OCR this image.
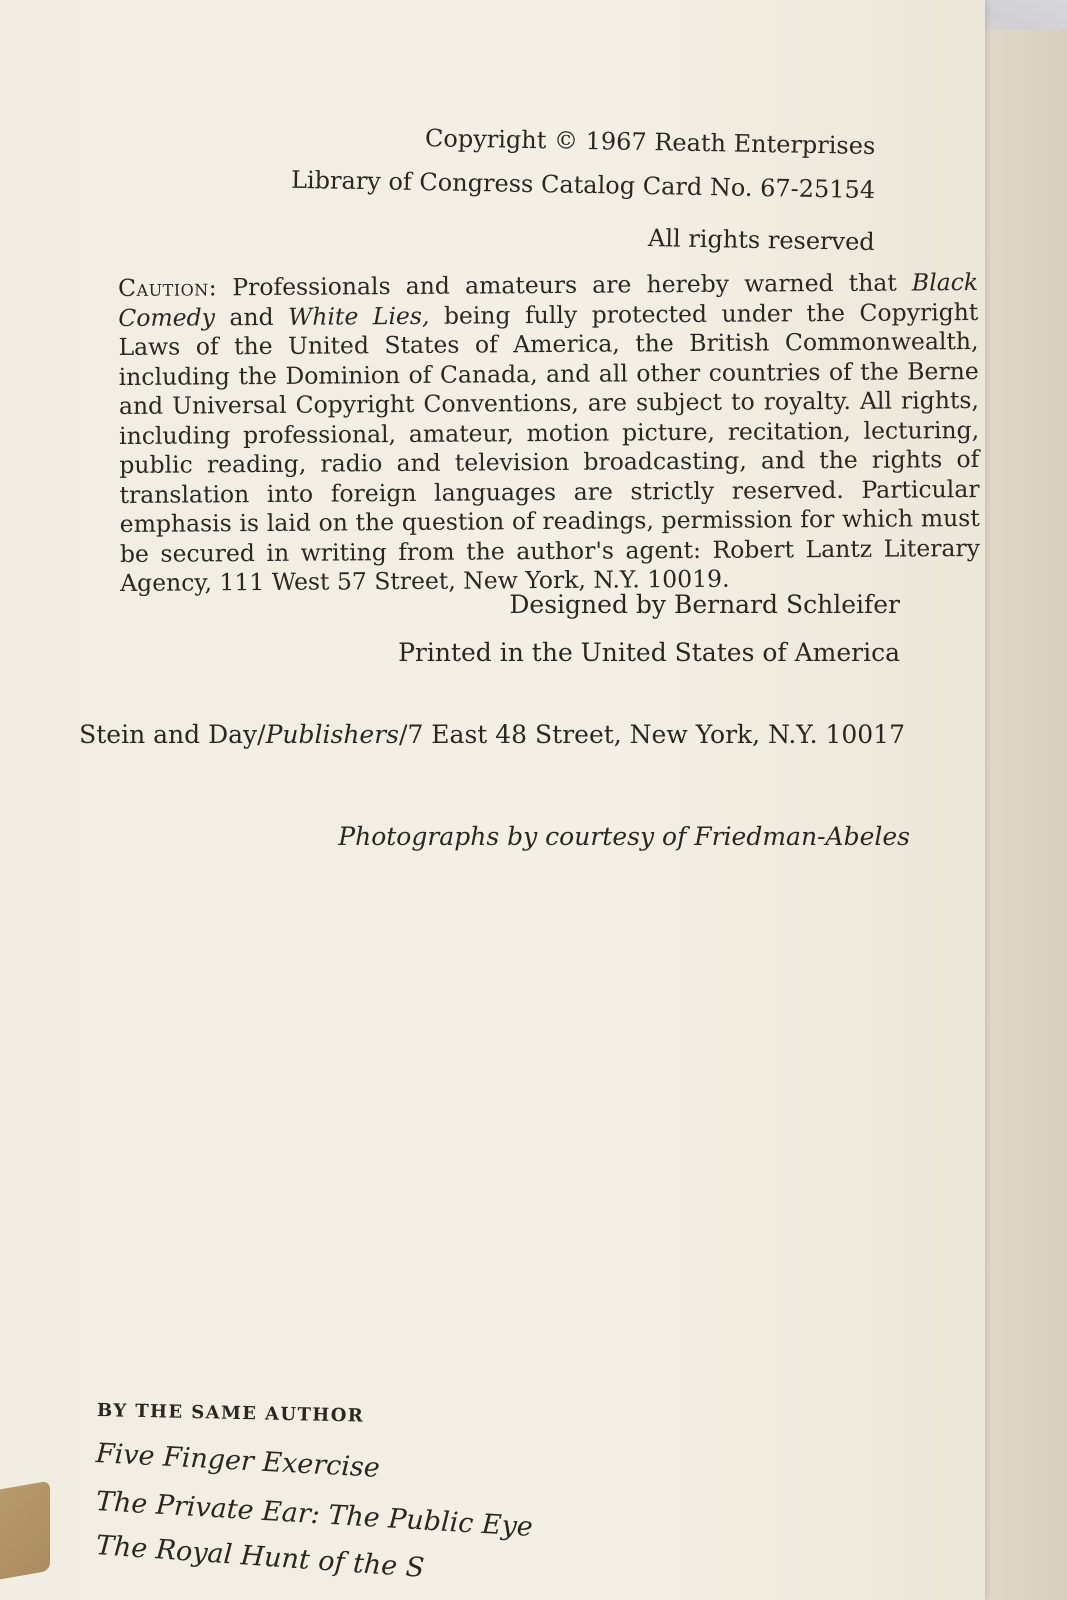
Copyright © 1967 Reath Enterprises
Library of Congress Catalog Card No. 67-25154
All rights reserved
Caution: Professionals and amateurs are hereby warned that Black Comedy and White Lies, being fully protected under the Copyright Laws of the United States of America, the British Commonwealth, including the Dominion of Canada, and all other countries of the Berne and Universal Copyright Conventions, are subject to royalty. All rights, including professional, amateur, motion picture, recitation, lecturing, public reading, radio and television broadcasting, and the rights of translation into foreign languages are strictly reserved. Particular emphasis is laid on the question of readings, permission for which must be secured in writing from the author's agent: Robert Lantz Literary Agency, 111 West 57 Street, New York, N.Y. 10019.
Designed by Bernard Schleifer
Printed in the United States of America
Stein and Day/Publishers/7 East 48 Street, New York, N.Y. 10017
Photographs by courtesy of Friedman-Abeles
BY THE SAME AUTHOR
Five Finger Exercise
The Private Ear: The Public Eye
The Royal Hunt of the S
